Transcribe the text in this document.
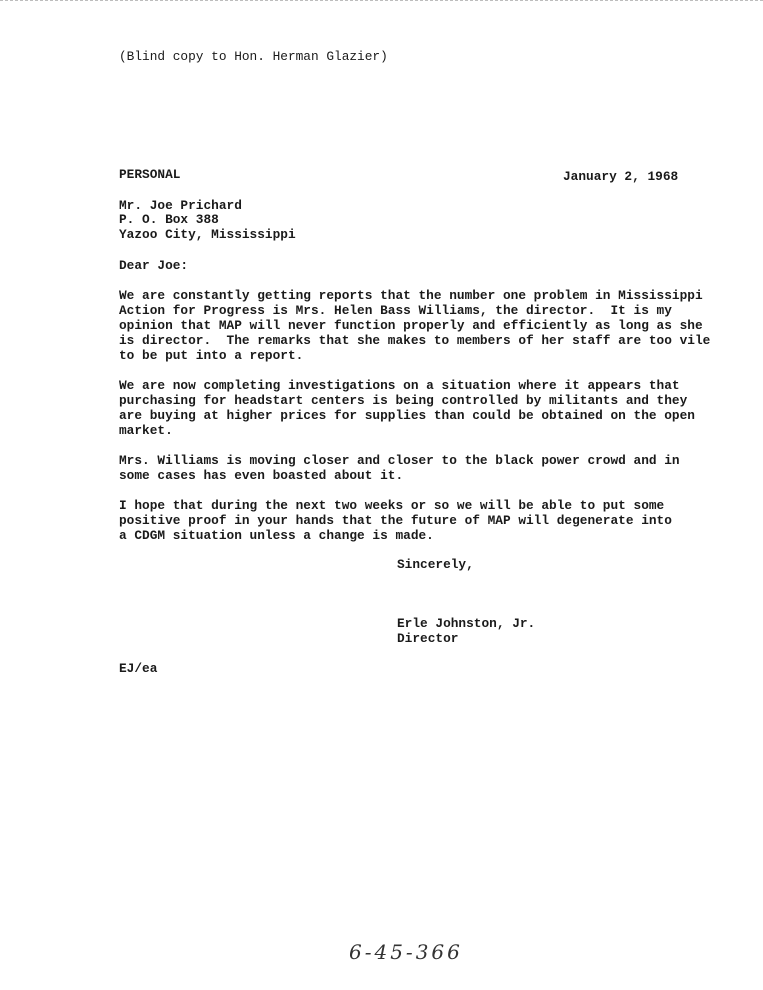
(Blind copy to Hon. Herman Glazier)
PERSONAL	January 2, 1968
Mr. Joe Prichard
P. O. Box 388
Yazoo City, Mississippi
Dear Joe:
We are constantly getting reports that the number one problem in Mississippi
Action for Progress is Mrs. Helen Bass Williams, the director.  It is my
opinion that MAP will never function properly and efficiently as long as she
is director.  The remarks that she makes to members of her staff are too vile
to be put into a report.
We are now completing investigations on a situation where it appears that
purchasing for headstart centers is being controlled by militants and they
are buying at higher prices for supplies than could be obtained on the open
market.
Mrs. Williams is moving closer and closer to the black power crowd and in
some cases has even boasted about it.
I hope that during the next two weeks or so we will be able to put some
positive proof in your hands that the future of MAP will degenerate into
a CDGM situation unless a change is made.
Sincerely,
Erle Johnston, Jr.
Director
EJ/ea
6-45-366
